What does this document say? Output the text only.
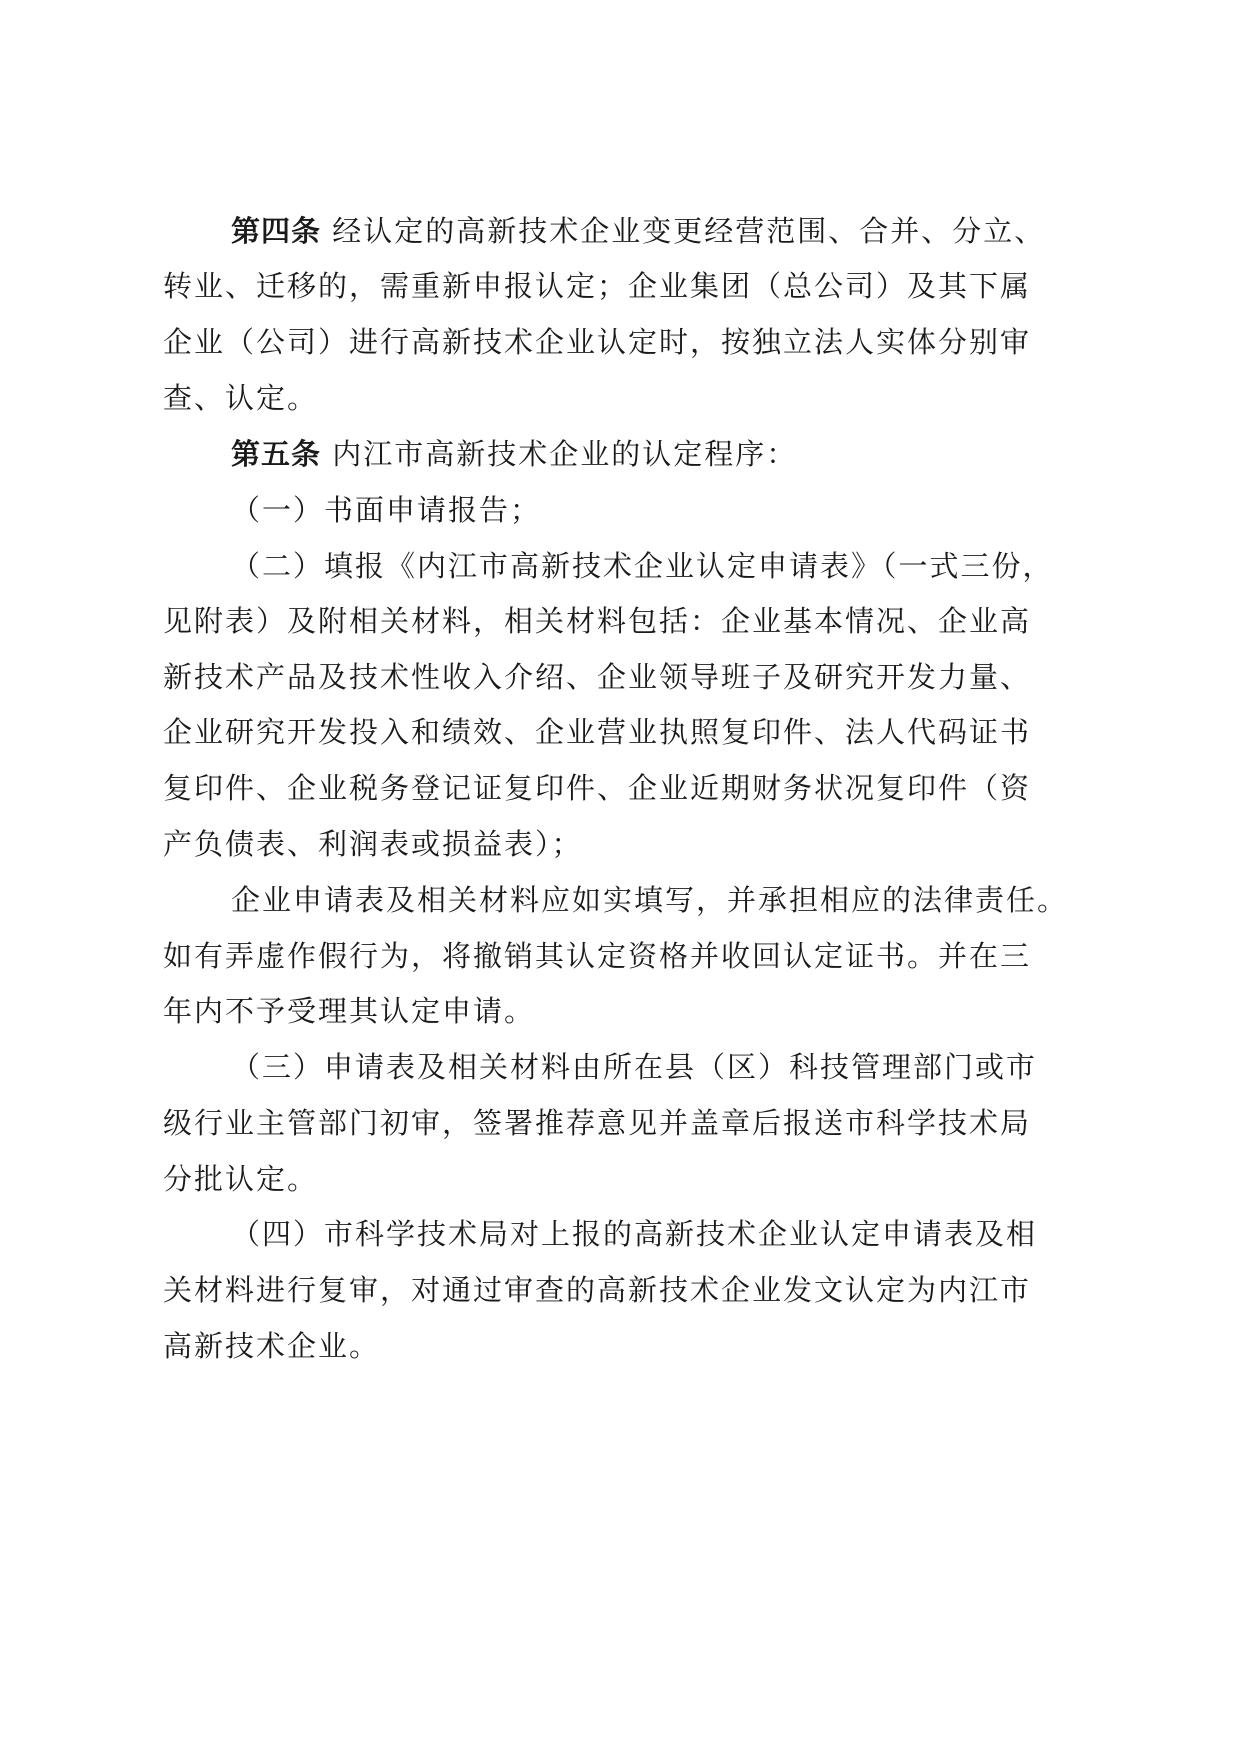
第四条 经认定的高新技术企业变更经营范围、合并、分立、
转业、迁移的，需重新申报认定；企业集团（总公司）及其下属
企业（公司）进行高新技术企业认定时，按独立法人实体分别审
查、认定。
第五条 内江市高新技术企业的认定程序：
（一）书面申请报告；
（二）填报《内江市高新技术企业认定申请表》（一式三份，
见附表）及附相关材料，相关材料包括：企业基本情况、企业高
新技术产品及技术性收入介绍、企业领导班子及研究开发力量、
企业研究开发投入和绩效、企业营业执照复印件、法人代码证书
复印件、企业税务登记证复印件、企业近期财务状况复印件（资
产负债表、利润表或损益表）；
企业申请表及相关材料应如实填写，并承担相应的法律责任。
如有弄虚作假行为，将撤销其认定资格并收回认定证书。并在三
年内不予受理其认定申请。
（三）申请表及相关材料由所在县（区）科技管理部门或市
级行业主管部门初审，签署推荐意见并盖章后报送市科学技术局
分批认定。
（四）市科学技术局对上报的高新技术企业认定申请表及相
关材料进行复审，对通过审查的高新技术企业发文认定为内江市
高新技术企业。
